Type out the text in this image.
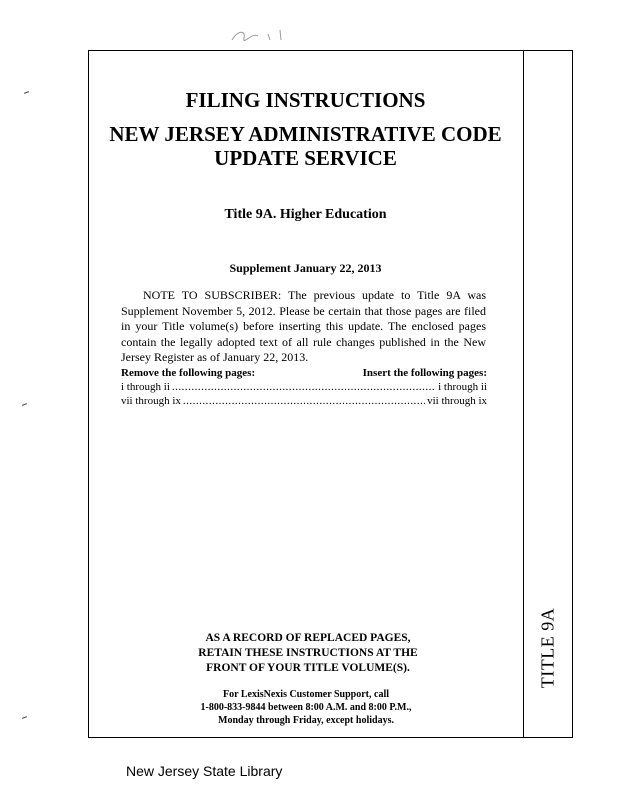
TITLE 9A
FILING INSTRUCTIONS
NEW JERSEY ADMINISTRATIVE CODE
UPDATE SERVICE
Title 9A. Higher Education
Supplement January 22, 2013
NOTE TO SUBSCRIBER: The previous update to Title 9A was Supplement November 5, 2012. Please be certain that those pages are filed in your Title volume(s) before inserting this update. The enclosed pages contain the legally adopted text of all rule changes published in the New Jersey Register as of January 22, 2013.
Remove the following pages:	Insert the following pages:
i through ii .....	i through ii
vii through ix .....	vii through ix
AS A RECORD OF REPLACED PAGES,
RETAIN THESE INSTRUCTIONS AT THE
FRONT OF YOUR TITLE VOLUME(S).
For LexisNexis Customer Support, call
1-800-833-9844 between 8:00 A.M. and 8:00 P.M.,
Monday through Friday, except holidays.
New Jersey State Library
